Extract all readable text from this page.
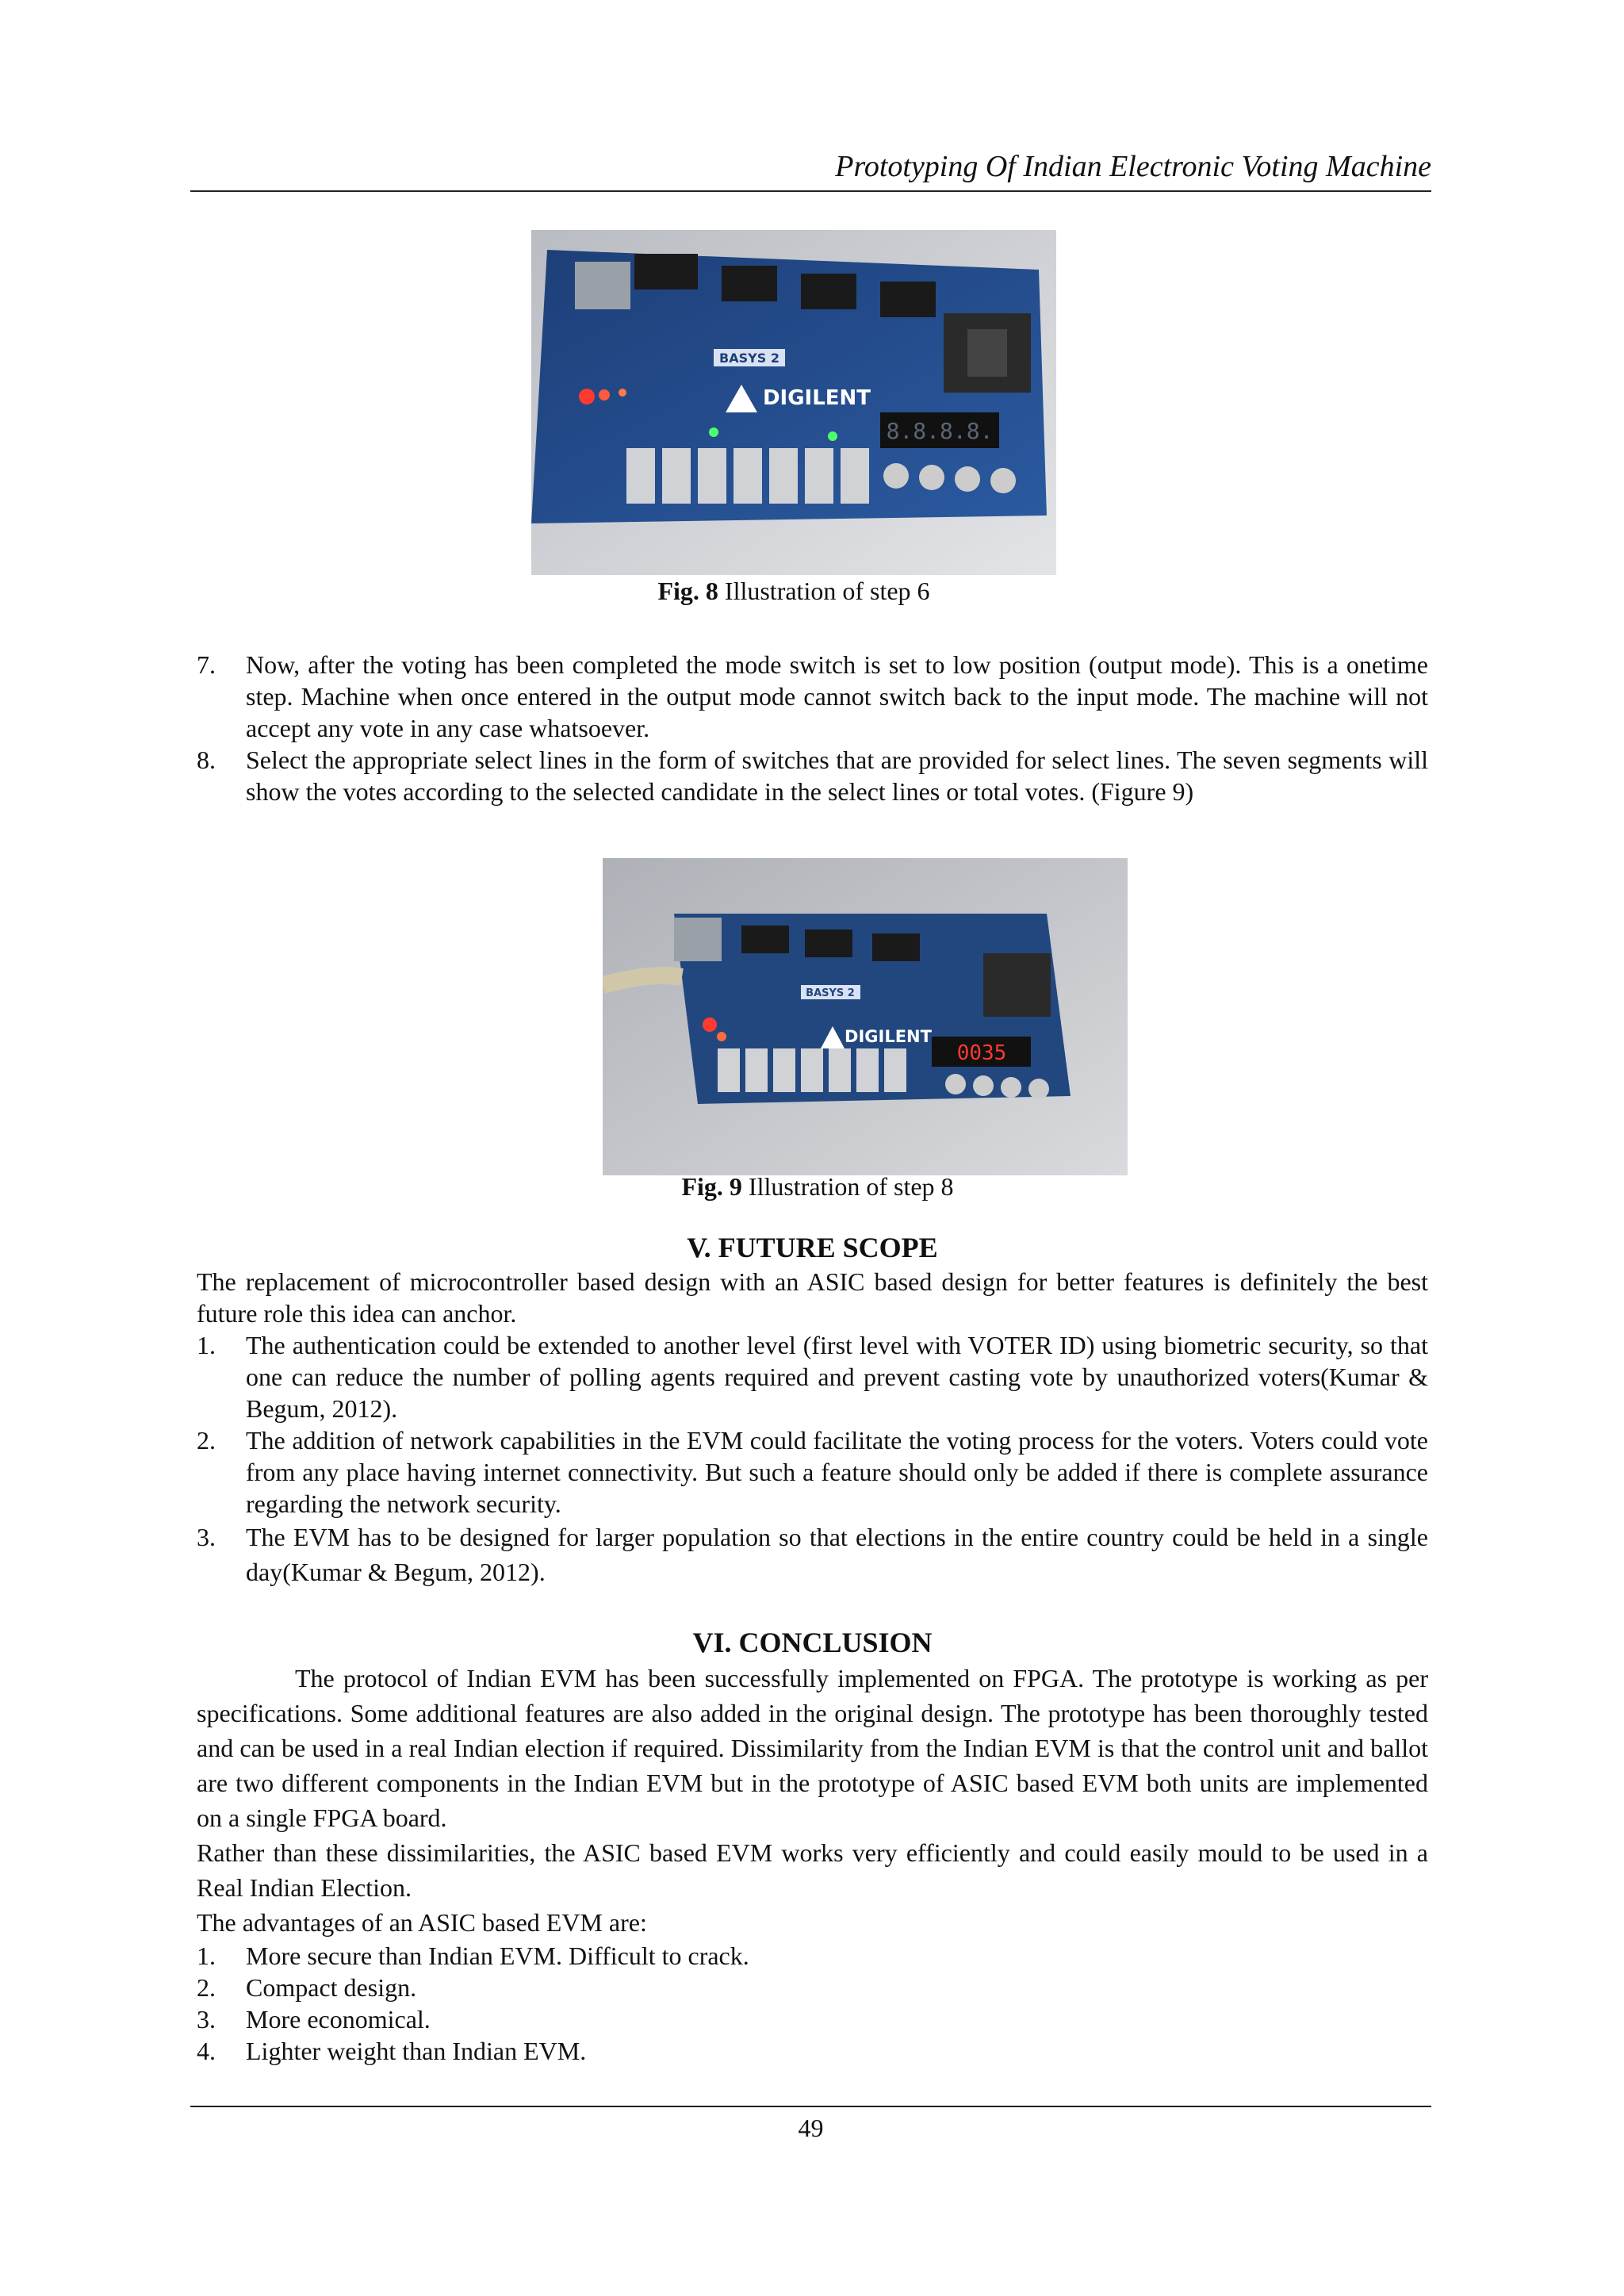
Prototyping Of Indian Electronic Voting Machine
BASYS 2
DIGILENT
8.8.8.8.
Fig. 8 Illustration of step 6
7. Now, after the voting has been completed the mode switch is set to low position (output mode). This is a onetime step. Machine when once entered in the output mode cannot switch back to the input mode. The machine will not accept any vote in any case whatsoever.
8. Select the appropriate select lines in the form of switches that are provided for select lines. The seven segments will show the votes according to the selected candidate in the select lines or total votes. (Figure 9)
BASYS 2
DIGILENT
0035
Fig. 9 Illustration of step 8
V. FUTURE SCOPE
The replacement of microcontroller based design with an ASIC based design for better features is definitely the best future role this idea can anchor.
1. The authentication could be extended to another level (first level with VOTER ID) using biometric security, so that one can reduce the number of polling agents required and prevent casting vote by unauthorized voters(Kumar & Begum, 2012).
2. The addition of network capabilities in the EVM could facilitate the voting process for the voters. Voters could vote from any place having internet connectivity. But such a feature should only be added if there is complete assurance regarding the network security.
3. The EVM has to be designed for larger population so that elections in the entire country could be held in a single day(Kumar & Begum, 2012).
VI. CONCLUSION
The protocol of Indian EVM has been successfully implemented on FPGA. The prototype is working as per specifications. Some additional features are also added in the original design. The prototype has been thoroughly tested and can be used in a real Indian election if required. Dissimilarity from the Indian EVM is that the control unit and ballot are two different components in the Indian EVM but in the prototype of ASIC based EVM both units are implemented on a single FPGA board.
Rather than these dissimilarities, the ASIC based EVM works very efficiently and could easily mould to be used in a Real Indian Election.
The advantages of an ASIC based EVM are:
1. More secure than Indian EVM. Difficult to crack.
2. Compact design.
3. More economical.
4. Lighter weight than Indian EVM.
49
